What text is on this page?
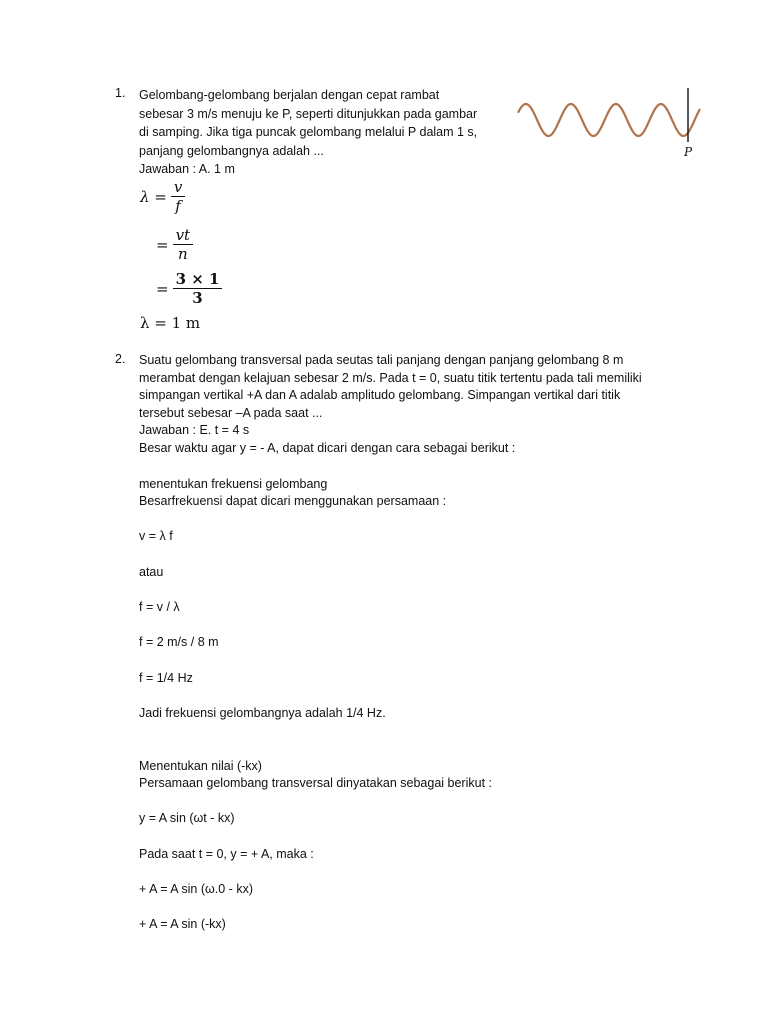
1. Gelombang-gelombang berjalan dengan cepat rambat
sebesar 3 m/s menuju ke P, seperti ditunjukkan pada gambar
di samping. Jika tiga puncak gelombang melalui P dalam 1 s,
panjang gelombangnya adalah ...
Jawaban : A. 1 m
P
$\lambda = \frac{v}{f}$
= $\frac{vt}{n}$
= $\frac{3 \times 1}{3}$
λ = 1 m
2. Suatu gelombang transversal pada seutas tali panjang dengan panjang gelombang 8 m
merambat dengan kelajuan sebesar 2 m/s. Pada t = 0, suatu titik tertentu pada tali memiliki
simpangan vertikal +A dan A adalab amplitudo gelombang. Simpangan vertikal dari titik
tersebut sebesar –A pada saat ...
Jawaban : E. t = 4 s
Besar waktu agar y = - A, dapat dicari dengan cara sebagai berikut :
menentukan frekuensi gelombang
Besarfrekuensi dapat dicari menggunakan persamaan :
v = λ f
atau
f = v / λ
f = 2 m/s / 8 m
f = 1/4 Hz
Jadi frekuensi gelombangnya adalah 1/4 Hz.
Menentukan nilai (-kx)
Persamaan gelombang transversal dinyatakan sebagai berikut :
y = A sin (ωt - kx)
Pada saat t = 0, y = + A, maka :
+ A = A sin (ω.0 - kx)
+ A = A sin (-kx)
